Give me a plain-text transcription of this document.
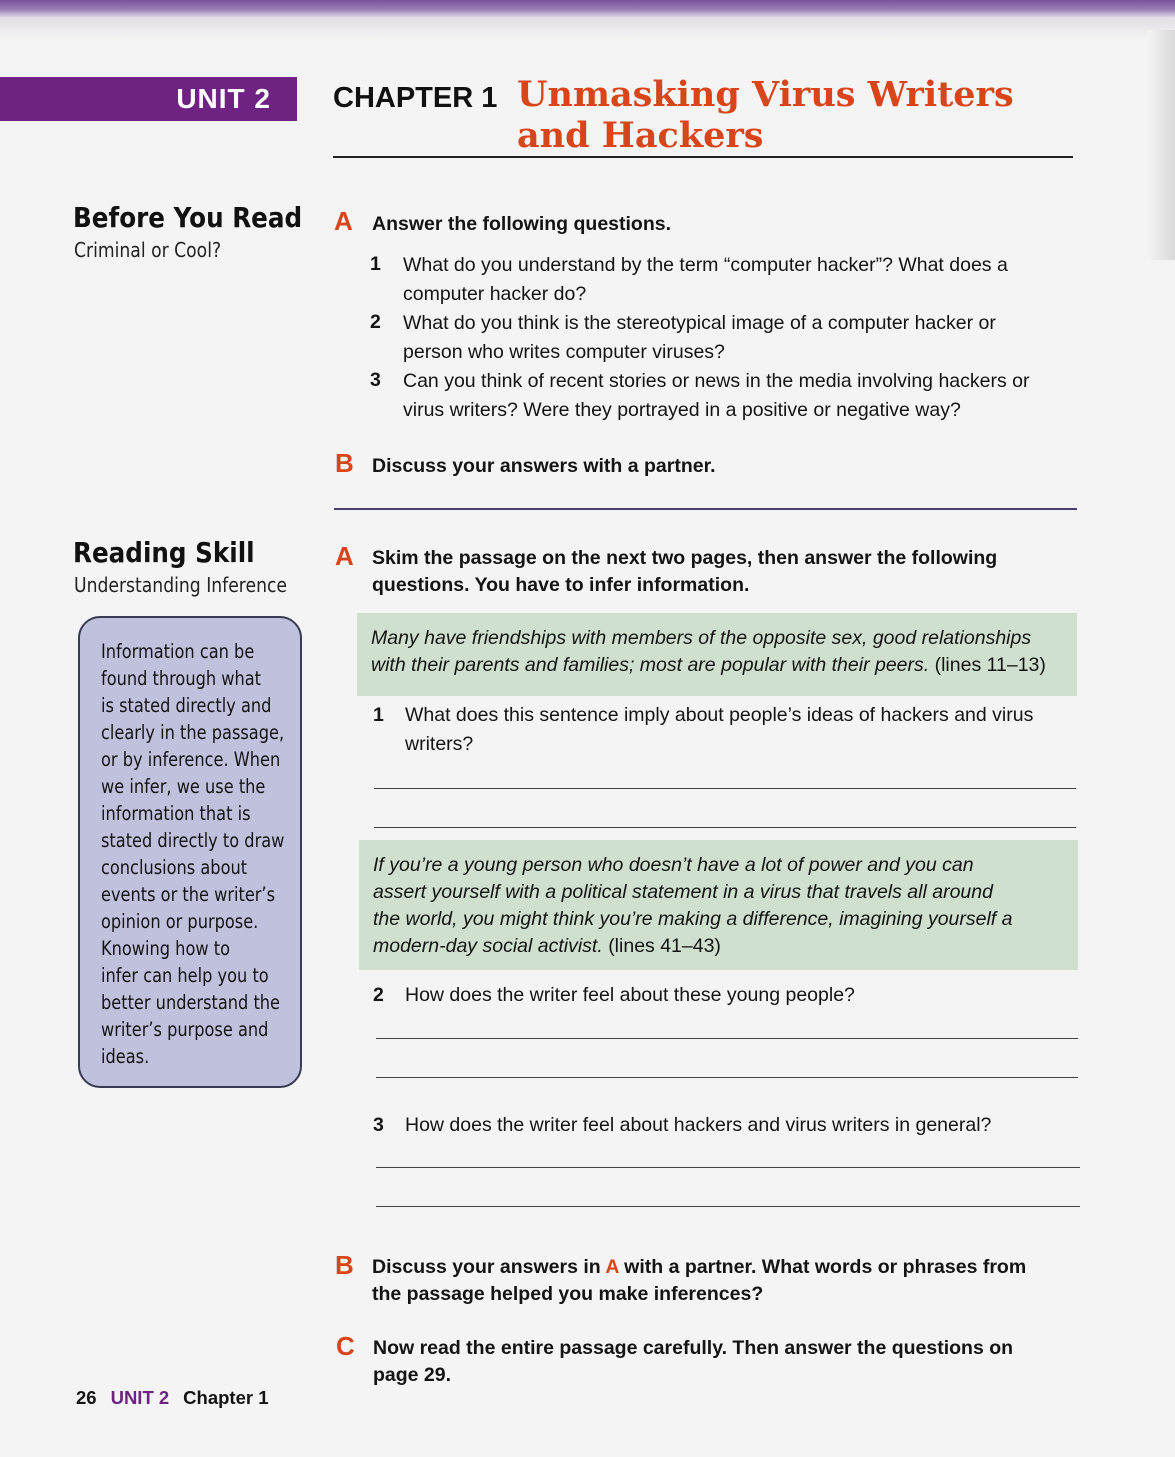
UNIT 2 CHAPTER 1 Unmasking Virus Writers
and Hackers
Before You Read
Criminal or Cool?
A Answer the following questions.
1 What do you understand by the term “computer hacker”? What does a
computer hacker do?
2 What do you think is the stereotypical image of a computer hacker or
person who writes computer viruses?
3 Can you think of recent stories or news in the media involving hackers or
virus writers? Were they portrayed in a positive or negative way?
B Discuss your answers with a partner.
Reading Skill
Understanding Inference
Information can be
found through what
is stated directly and
clearly in the passage,
or by inference. When
we infer, we use the
information that is
stated directly to draw
conclusions about
events or the writer’s
opinion or purpose.
Knowing how to
infer can help you to
better understand the
writer’s purpose and
ideas.
A Skim the passage on the next two pages, then answer the following
questions. You have to infer information.
Many have friendships with members of the opposite sex, good relationships
with their parents and families; most are popular with their peers. (lines 11–13)
1 What does this sentence imply about people’s ideas of hackers and virus
writers?
If you’re a young person who doesn’t have a lot of power and you can
assert yourself with a political statement in a virus that travels all around
the world, you might think you’re making a difference, imagining yourself a
modern-day social activist. (lines 41–43)
2 How does the writer feel about these young people?
3 How does the writer feel about hackers and virus writers in general?
B Discuss your answers in A with a partner. What words or phrases from
the passage helped you make inferences?
C Now read the entire passage carefully. Then answer the questions on
page 29.
26 UNIT 2 Chapter 1
